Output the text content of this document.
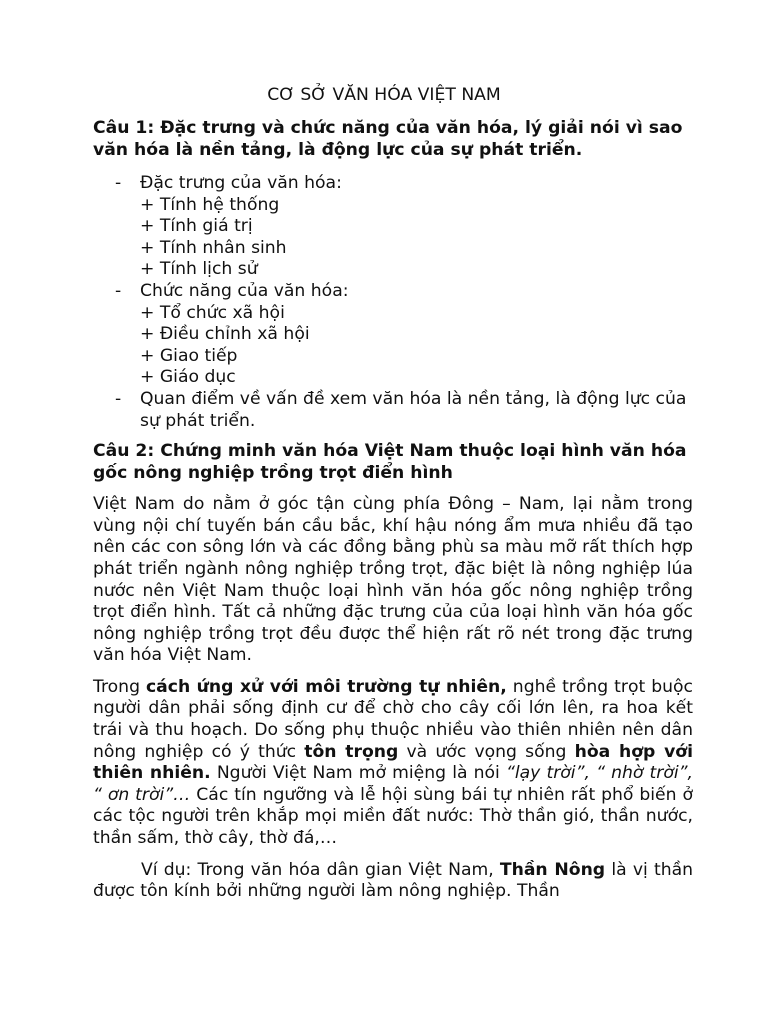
CƠ SỞ VĂN HÓA VIỆT NAM

Câu 1: Đặc trưng và chức năng của văn hóa, lý giải nói vì sao văn hóa là nền tảng, là động lực của sự phát triển.

- Đặc trưng của văn hóa:
+ Tính hệ thống
+ Tính giá trị
+ Tính nhân sinh
+ Tính lịch sử
- Chức năng của văn hóa:
+ Tổ chức xã hội
+ Điều chỉnh xã hội
+ Giao tiếp
+ Giáo dục
- Quan điểm về vấn đề xem văn hóa là nền tảng, là động lực của sự phát triển.

Câu 2: Chứng minh văn hóa Việt Nam thuộc loại hình văn hóa gốc nông nghiệp trồng trọt điển hình

Việt Nam do nằm ở góc tận cùng phía Đông – Nam, lại nằm trong vùng nội chí tuyến bán cầu bắc, khí hậu nóng ẩm mưa nhiều đã tạo nên các con sông lớn và các đồng bằng phù sa màu mỡ rất thích hợp phát triển ngành nông nghiệp trồng trọt, đặc biệt là nông nghiệp lúa nước nên Việt Nam thuộc loại hình văn hóa gốc nông nghiệp trồng trọt điển hình. Tất cả những đặc trưng của của loại hình văn hóa gốc nông nghiệp trồng trọt đều được thể hiện rất rõ nét trong đặc trưng văn hóa Việt Nam.

Trong cách ứng xử với môi trường tự nhiên, nghề trồng trọt buộc người dân phải sống định cư để chờ cho cây cối lớn lên, ra hoa kết trái và thu hoạch. Do sống phụ thuộc nhiều vào thiên nhiên nên dân nông nghiệp có ý thức tôn trọng và ước vọng sống hòa hợp với thiên nhiên. Người Việt Nam mở miệng là nói “lạy trời”, “ nhờ trời”, “ ơn trời”… Các tín ngưỡng và lễ hội sùng bái tự nhiên rất phổ biến ở các tộc người trên khắp mọi miền đất nước: Thờ thần gió, thần nước, thần sấm, thờ cây, thờ đá,…

Ví dụ: Trong văn hóa dân gian Việt Nam, Thần Nông là vị thần được tôn kính bởi những người làm nông nghiệp. Thần
